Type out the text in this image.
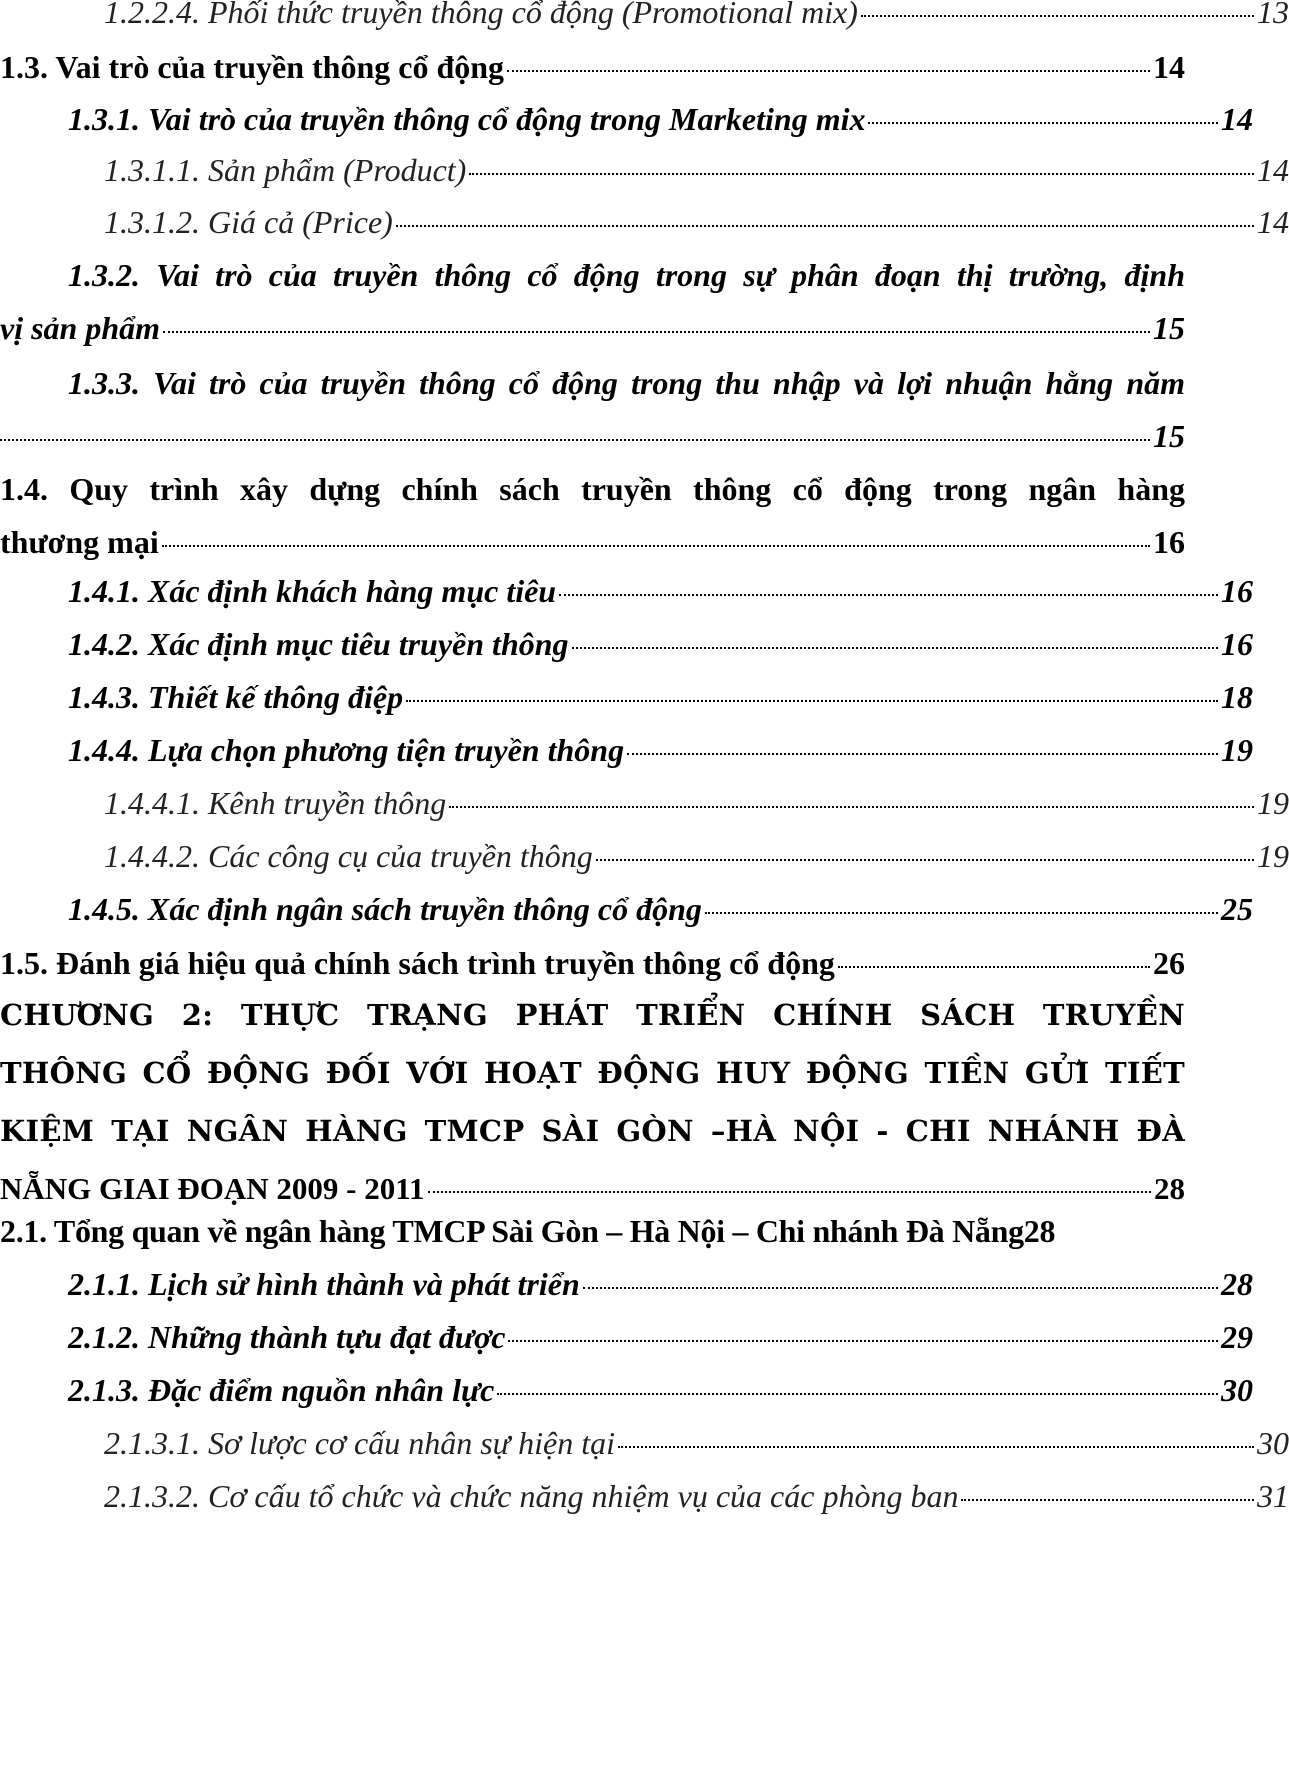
1.2.2.4. Phối thức truyền thông cổ động (Promotional mix)	13
1.3. Vai trò của truyền thông cổ động	14
1.3.1. Vai trò của truyền thông cổ động trong Marketing mix	14
1.3.1.1. Sản phẩm (Product)	14
1.3.1.2. Giá cả (Price)	14
1.3.2. Vai trò của truyền thông cổ động trong sự phân đoạn thị trường, định
vị sản phẩm	15
1.3.3. Vai trò của truyền thông cổ động trong thu nhập và lợi nhuận hằng năm
15
1.4. Quy trình xây dựng chính sách truyền thông cổ động trong ngân hàng
thương mại	16
1.4.1. Xác định khách hàng mục tiêu	16
1.4.2. Xác định mục tiêu truyền thông	16
1.4.3. Thiết kế thông điệp	18
1.4.4. Lựa chọn phương tiện truyền thông	19
1.4.4.1. Kênh truyền thông	19
1.4.4.2. Các công cụ của truyền thông	19
1.4.5. Xác định ngân sách truyền thông cổ động	25
1.5. Đánh giá hiệu quả chính sách trình truyền thông cổ động	26
CHƯƠNG 2: THỰC TRẠNG PHÁT TRIỂN CHÍNH SÁCH TRUYỀN
THÔNG CỔ ĐỘNG ĐỐI VỚI HOẠT ĐỘNG HUY ĐỘNG TIỀN GỬI TIẾT
KIỆM TẠI NGÂN HÀNG TMCP SÀI GÒN –HÀ NỘI - CHI NHÁNH ĐÀ
NẴNG GIAI ĐOẠN 2009 - 2011	28
2.1. Tổng quan về ngân hàng TMCP Sài Gòn – Hà Nội – Chi nhánh Đà Nẵng 28
2.1.1. Lịch sử hình thành và phát triển	28
2.1.2. Những thành tựu đạt được	29
2.1.3. Đặc điểm nguồn nhân lực	30
2.1.3.1. Sơ lược cơ cấu nhân sự hiện tại	30
2.1.3.2. Cơ cấu tổ chức và chức năng nhiệm vụ của các phòng ban	31
